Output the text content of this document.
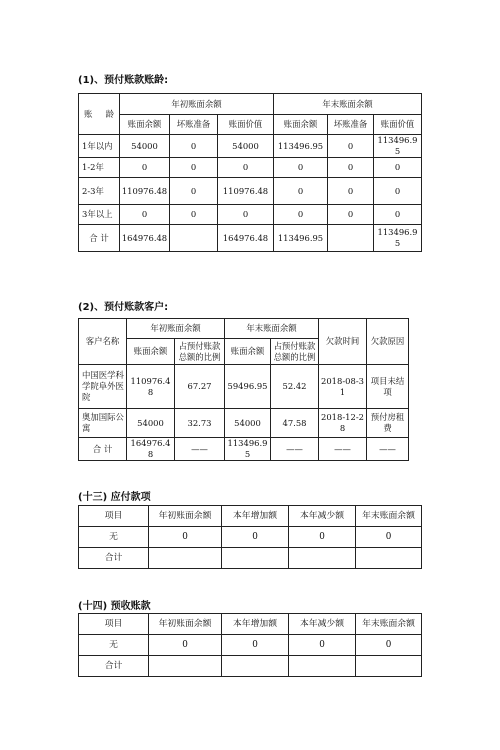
(1)、预付账款账龄:
账 龄	年初账面余额			年末账面余额		
	账面余额	坏账准备	账面价值	账面余额	坏账准备	账面价值
1年以内	54000	0	54000	113496.95	0	113496.95
1-2年	0	0	0	0	0	0
2-3年	110976.48	0	110976.48	0	0	0
3年以上	0	0	0	0	0	0
合 计	164976.48		164976.48	113496.95		113496.95
(2)、预付账款客户:
客户名称	年初账面余额		年末账面余额		欠款时间	欠款原因
	账面余额	占预付账款总额的比例	账面余额	占预付账款总额的比例		
中国医学科学院阜外医院	110976.48	67.27	59496.95	52.42	2018-08-31	项目未结项
奥加国际公寓	54000	32.73	54000	47.58	2018-12-28	预付房租费
合 计	164976.48	——	113496.95	——	——	——
(十三) 应付款项
项目	年初账面余额	本年增加额	本年减少额	年末账面余额
无	0	0	0	0
合计				
(十四) 预收账款
项目	年初账面余额	本年增加额	本年减少额	年末账面余额
无	0	0	0	0
合计				
